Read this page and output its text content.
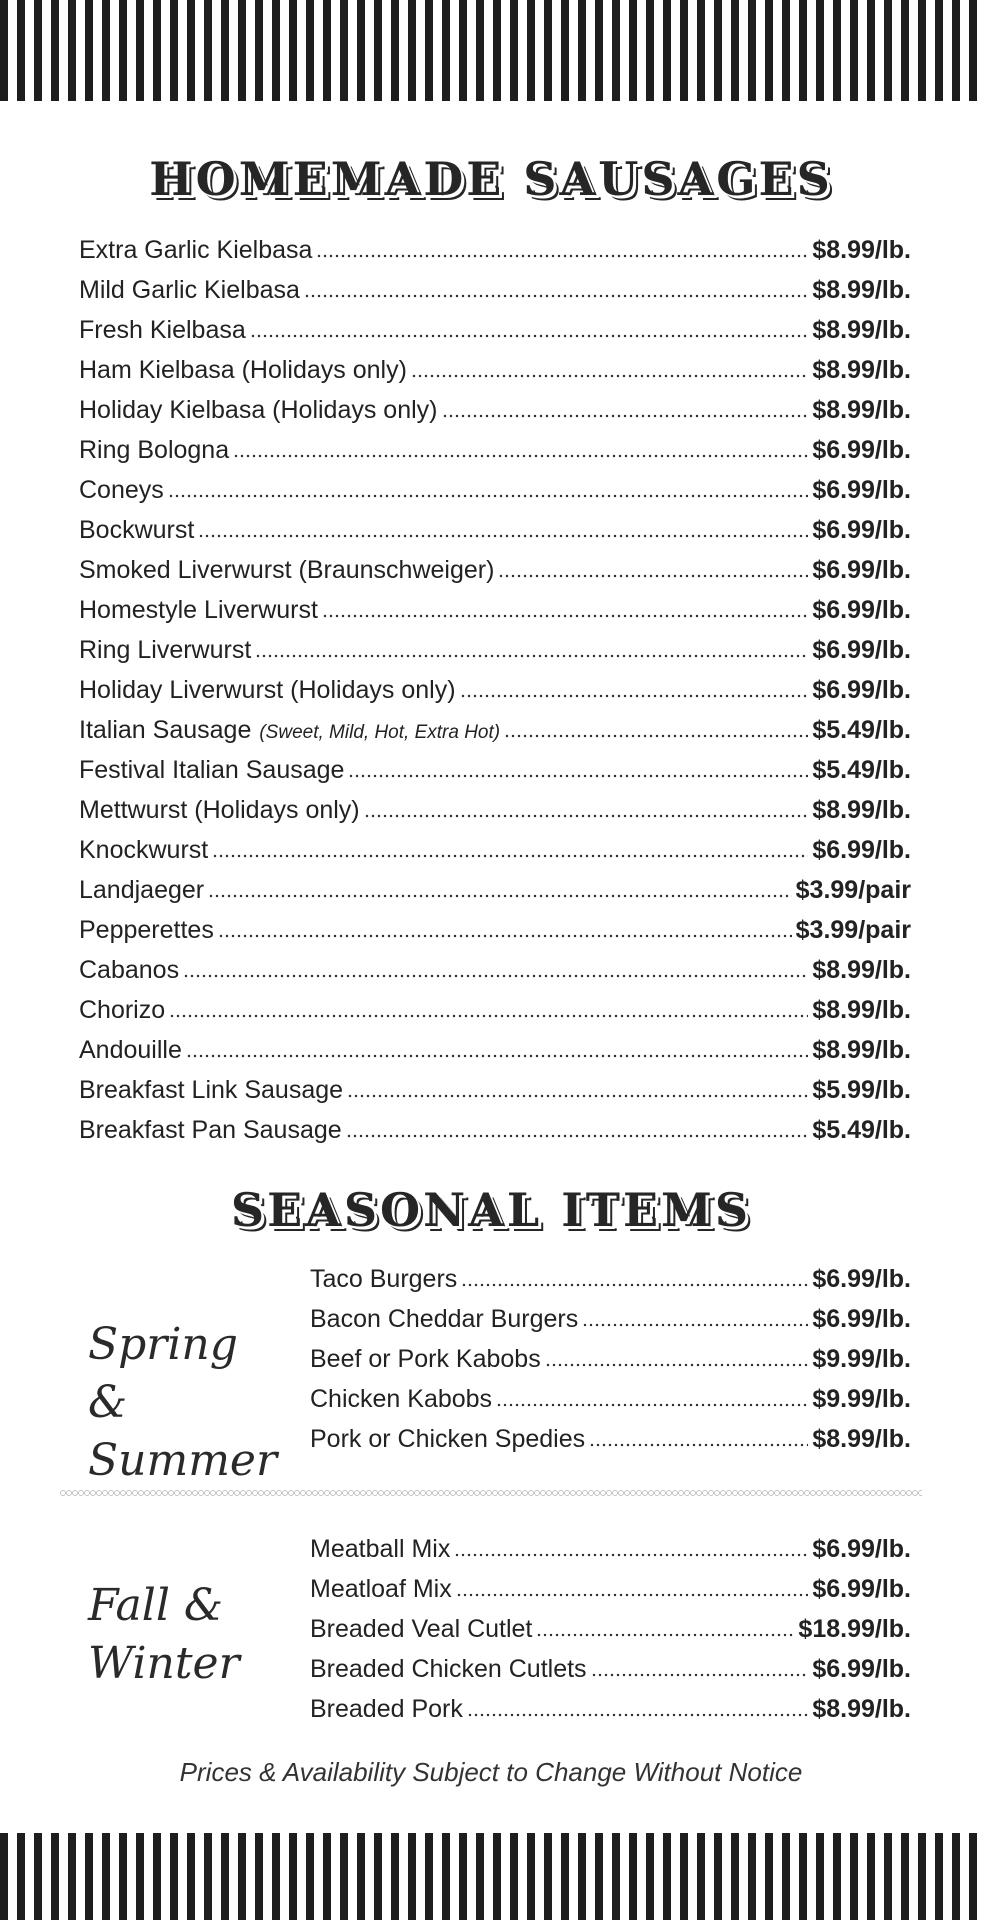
HOMEMADE SAUSAGES
Extra Garlic Kielbasa	$8.99/lb.
Mild Garlic Kielbasa	$8.99/lb.
Fresh Kielbasa	$8.99/lb.
Ham Kielbasa (Holidays only)	$8.99/lb.
Holiday Kielbasa (Holidays only)	$8.99/lb.
Ring Bologna	$6.99/lb.
Coneys	$6.99/lb.
Bockwurst	$6.99/lb.
Smoked Liverwurst (Braunschweiger)	$6.99/lb.
Homestyle Liverwurst	$6.99/lb.
Ring Liverwurst	$6.99/lb.
Holiday Liverwurst (Holidays only)	$6.99/lb.
Italian Sausage (Sweet, Mild, Hot, Extra Hot)	$5.49/lb.
Festival Italian Sausage	$5.49/lb.
Mettwurst (Holidays only)	$8.99/lb.
Knockwurst	$6.99/lb.
Landjaeger	$3.99/pair
Pepperettes	$3.99/pair
Cabanos	$8.99/lb.
Chorizo	$8.99/lb.
Andouille	$8.99/lb.
Breakfast Link Sausage	$5.99/lb.
Breakfast Pan Sausage	$5.49/lb.
SEASONAL ITEMS
Spring &
Summer
Taco Burgers	$6.99/lb.
Bacon Cheddar Burgers	$6.99/lb.
Beef or Pork Kabobs	$9.99/lb.
Chicken Kabobs	$9.99/lb.
Pork or Chicken Spedies	$8.99/lb.
Fall &
Winter
Meatball Mix	$6.99/lb.
Meatloaf Mix	$6.99/lb.
Breaded Veal Cutlet	$18.99/lb.
Breaded Chicken Cutlets	$6.99/lb.
Breaded Pork	$8.99/lb.
Prices & Availability Subject to Change Without Notice
